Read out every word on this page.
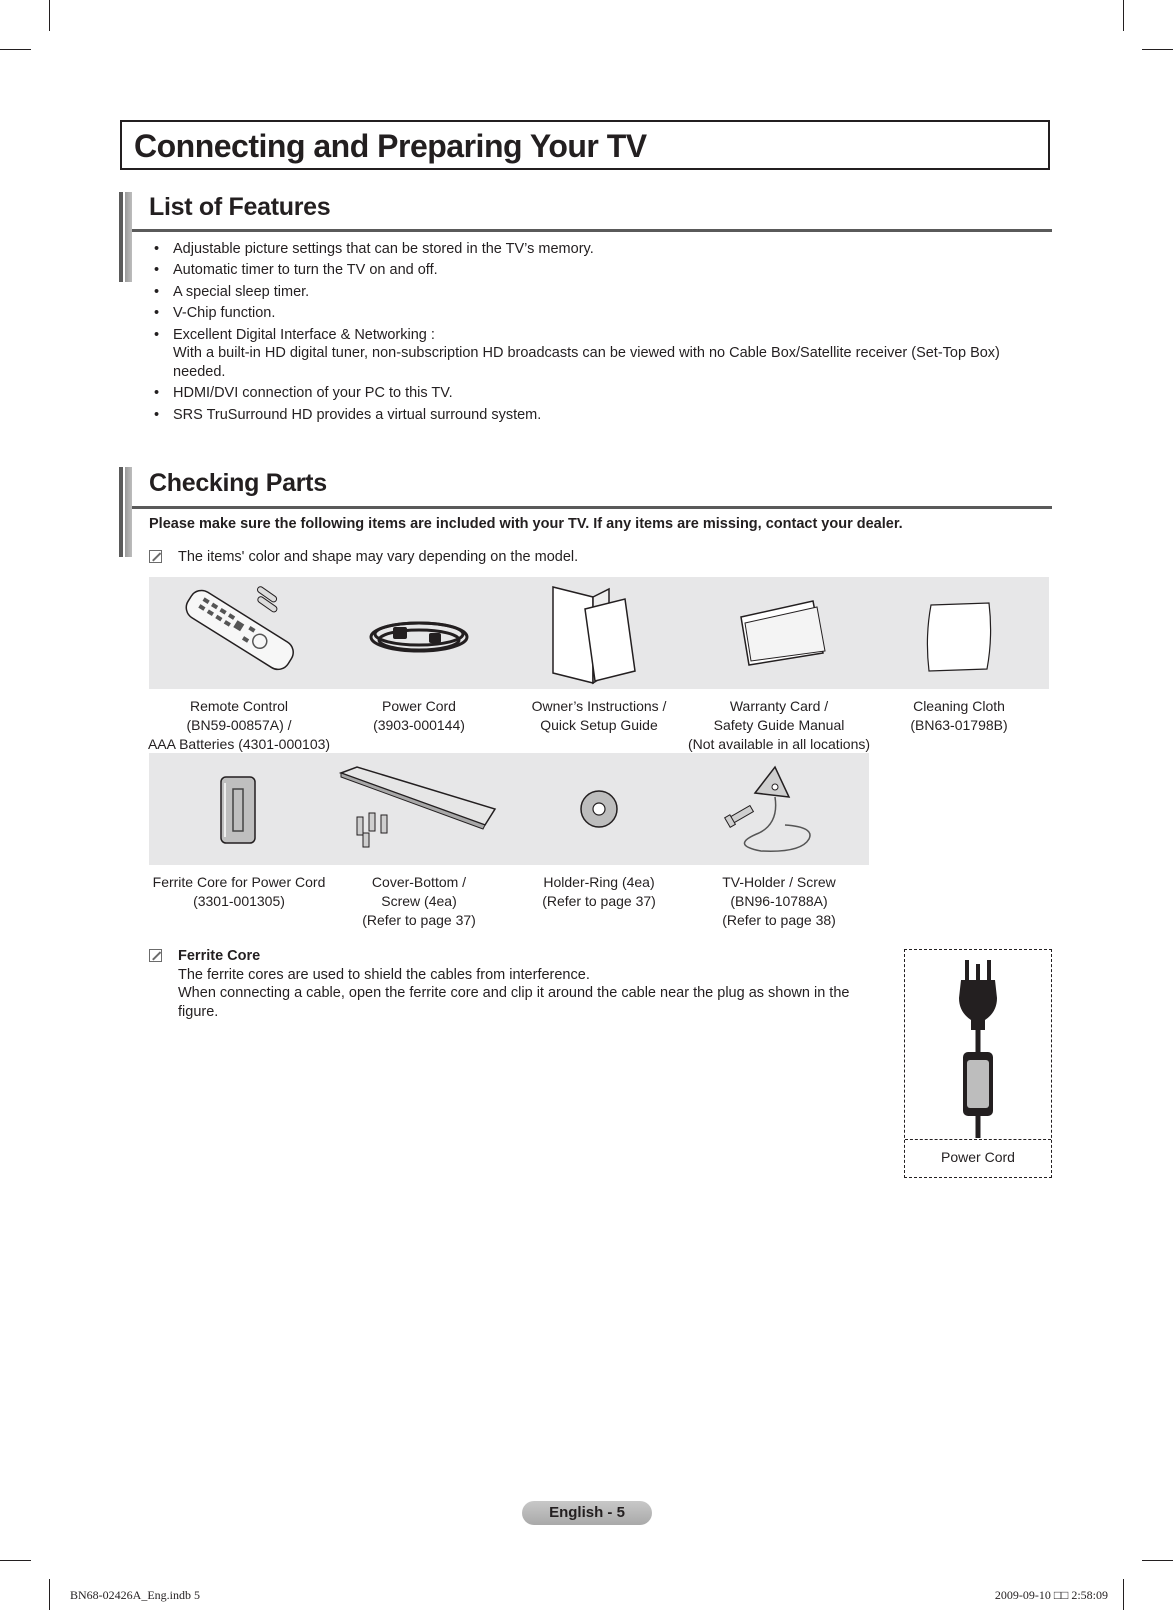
Connecting and Preparing Your TV
List of Features
• Adjustable picture settings that can be stored in the TV’s memory.
• Automatic timer to turn the TV on and off.
• A special sleep timer.
• V-Chip function.
• Excellent Digital Interface & Networking :
With a built-in HD digital tuner, non-subscription HD broadcasts can be viewed with no Cable Box/Satellite receiver (Set-Top Box) needed.
• HDMI/DVI connection of your PC to this TV.
• SRS TruSurround HD provides a virtual surround system.
Checking Parts

Please make sure the following items are included with your TV. If any items are missing, contact your dealer.

The items' color and shape may vary depending on the model.
Remote Control
(BN59-00857A) /
AAA Batteries (4301-000103)
Power Cord
(3903-000144)
Owner’s Instructions /
Quick Setup Guide
Warranty Card /
Safety Guide Manual
(Not available in all locations)
Cleaning Cloth
(BN63-01798B)
Ferrite Core for Power Cord
(3301-001305)
Cover-Bottom /
Screw (4ea)
(Refer to page 37)
Holder-Ring (4ea)
(Refer to page 37)
TV-Holder / Screw
(BN96-10788A)
(Refer to page 38)
Ferrite Core
The ferrite cores are used to shield the cables from interference.
When connecting a cable, open the ferrite core and clip it around the cable near the plug as shown in the figure.
Power Cord
English - 5
BN68-02426A_Eng.indb 5	2009-09-10 □□ 2:58:09
